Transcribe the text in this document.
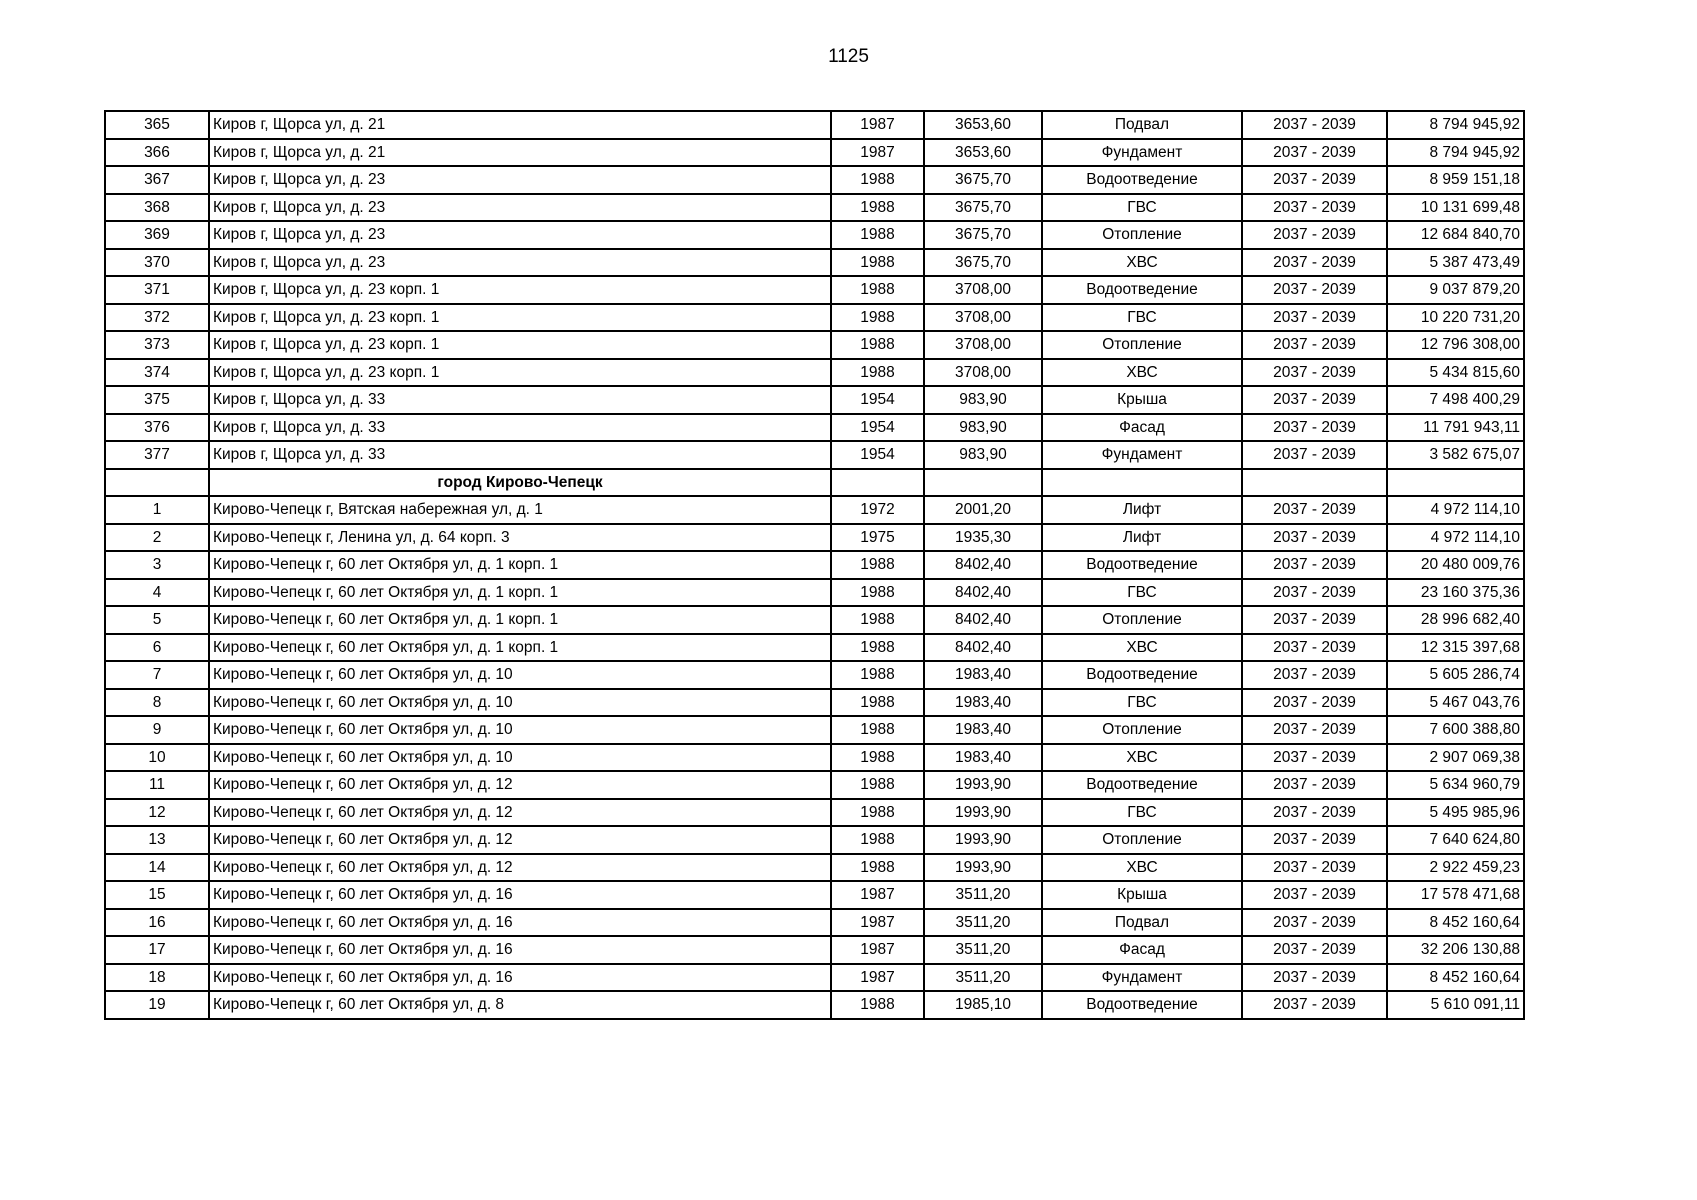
1125
365	Киров г, Щорса ул, д. 21	1987	3653,60	Подвал	2037 - 2039	8 794 945,92
366	Киров г, Щорса ул, д. 21	1987	3653,60	Фундамент	2037 - 2039	8 794 945,92
367	Киров г, Щорса ул, д. 23	1988	3675,70	Водоотведение	2037 - 2039	8 959 151,18
368	Киров г, Щорса ул, д. 23	1988	3675,70	ГВС	2037 - 2039	10 131 699,48
369	Киров г, Щорса ул, д. 23	1988	3675,70	Отопление	2037 - 2039	12 684 840,70
370	Киров г, Щорса ул, д. 23	1988	3675,70	ХВС	2037 - 2039	5 387 473,49
371	Киров г, Щорса ул, д. 23 корп. 1	1988	3708,00	Водоотведение	2037 - 2039	9 037 879,20
372	Киров г, Щорса ул, д. 23 корп. 1	1988	3708,00	ГВС	2037 - 2039	10 220 731,20
373	Киров г, Щорса ул, д. 23 корп. 1	1988	3708,00	Отопление	2037 - 2039	12 796 308,00
374	Киров г, Щорса ул, д. 23 корп. 1	1988	3708,00	ХВС	2037 - 2039	5 434 815,60
375	Киров г, Щорса ул, д. 33	1954	983,90	Крыша	2037 - 2039	7 498 400,29
376	Киров г, Щорса ул, д. 33	1954	983,90	Фасад	2037 - 2039	11 791 943,11
377	Киров г, Щорса ул, д. 33	1954	983,90	Фундамент	2037 - 2039	3 582 675,07
	город Кирово-Чепецк					
1	Кирово-Чепецк г, Вятская набережная ул, д. 1	1972	2001,20	Лифт	2037 - 2039	4 972 114,10
2	Кирово-Чепецк г, Ленина ул, д. 64 корп. 3	1975	1935,30	Лифт	2037 - 2039	4 972 114,10
3	Кирово-Чепецк г, 60 лет Октября ул, д. 1 корп. 1	1988	8402,40	Водоотведение	2037 - 2039	20 480 009,76
4	Кирово-Чепецк г, 60 лет Октября ул, д. 1 корп. 1	1988	8402,40	ГВС	2037 - 2039	23 160 375,36
5	Кирово-Чепецк г, 60 лет Октября ул, д. 1 корп. 1	1988	8402,40	Отопление	2037 - 2039	28 996 682,40
6	Кирово-Чепецк г, 60 лет Октября ул, д. 1 корп. 1	1988	8402,40	ХВС	2037 - 2039	12 315 397,68
7	Кирово-Чепецк г, 60 лет Октября ул, д. 10	1988	1983,40	Водоотведение	2037 - 2039	5 605 286,74
8	Кирово-Чепецк г, 60 лет Октября ул, д. 10	1988	1983,40	ГВС	2037 - 2039	5 467 043,76
9	Кирово-Чепецк г, 60 лет Октября ул, д. 10	1988	1983,40	Отопление	2037 - 2039	7 600 388,80
10	Кирово-Чепецк г, 60 лет Октября ул, д. 10	1988	1983,40	ХВС	2037 - 2039	2 907 069,38
11	Кирово-Чепецк г, 60 лет Октября ул, д. 12	1988	1993,90	Водоотведение	2037 - 2039	5 634 960,79
12	Кирово-Чепецк г, 60 лет Октября ул, д. 12	1988	1993,90	ГВС	2037 - 2039	5 495 985,96
13	Кирово-Чепецк г, 60 лет Октября ул, д. 12	1988	1993,90	Отопление	2037 - 2039	7 640 624,80
14	Кирово-Чепецк г, 60 лет Октября ул, д. 12	1988	1993,90	ХВС	2037 - 2039	2 922 459,23
15	Кирово-Чепецк г, 60 лет Октября ул, д. 16	1987	3511,20	Крыша	2037 - 2039	17 578 471,68
16	Кирово-Чепецк г, 60 лет Октября ул, д. 16	1987	3511,20	Подвал	2037 - 2039	8 452 160,64
17	Кирово-Чепецк г, 60 лет Октября ул, д. 16	1987	3511,20	Фасад	2037 - 2039	32 206 130,88
18	Кирово-Чепецк г, 60 лет Октября ул, д. 16	1987	3511,20	Фундамент	2037 - 2039	8 452 160,64
19	Кирово-Чепецк г, 60 лет Октября ул, д. 8	1988	1985,10	Водоотведение	2037 - 2039	5 610 091,11
